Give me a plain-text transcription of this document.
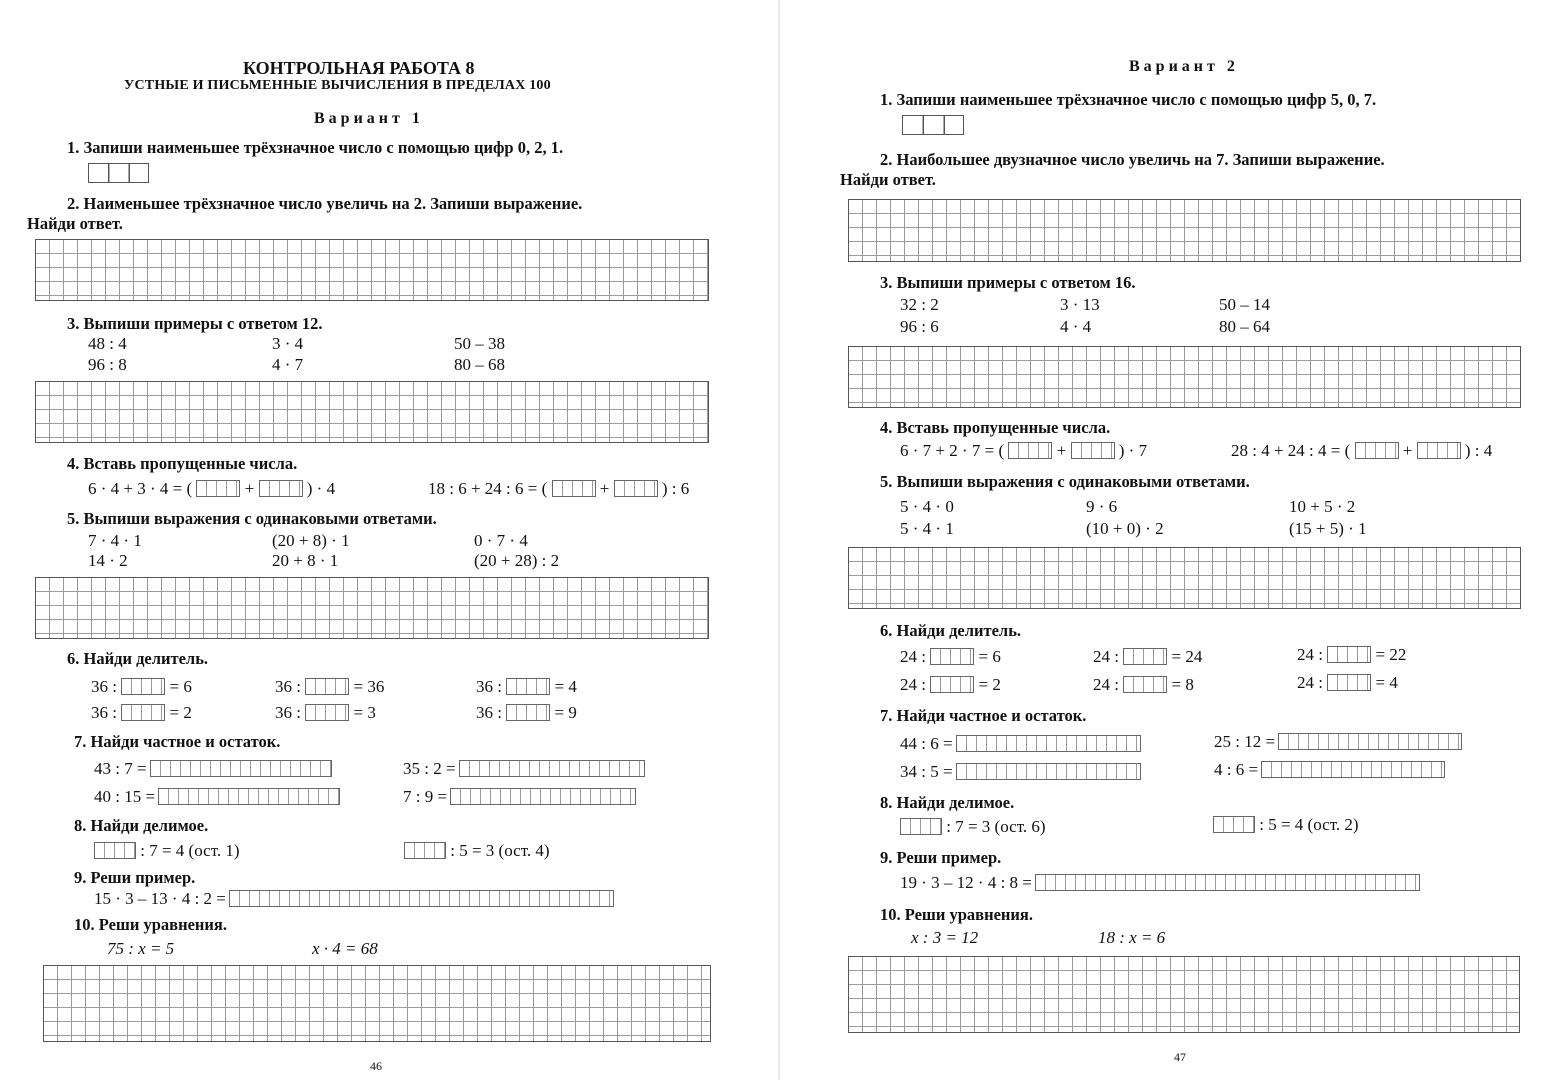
КОНТРОЛЬНАЯ РАБОТА 8
УСТНЫЕ И ПИСЬМЕННЫЕ ВЫЧИСЛЕНИЯ В ПРЕДЕЛАХ 100
Вариант 1
1. Запиши наименьшее трёхзначное число с помощью цифр 0, 2, 1.
2. Наименьшее трёхзначное число увеличь на 2. Запиши выражение.
Найди ответ.
3. Выпиши примеры с ответом 12.
48 : 4	3 · 4	50 – 38
96 : 8	4 · 7	80 – 68
4. Вставь пропущенные числа.
6 · 4 + 3 · 4 = (	+	) · 4	18 : 6 + 24 : 6 = (	+	) : 6
5. Выпиши выражения с одинаковыми ответами.
7 · 4 · 1	(20 + 8) · 1	0 · 7 · 4
14 · 2	20 + 8 · 1	(20 + 28) : 2
6. Найди делитель.
36 :	= 6	36 :	= 36	36 :	= 4
36 :	= 2	36 :	= 3	36 :	= 9
7. Найди частное и остаток.
43 : 7 =	35 : 2 =
40 : 15 =	7 : 9 =
8. Найди делимое.
: 7 = 4 (ост. 1)	: 5 = 3 (ост. 4)
9. Реши пример.
15 · 3 – 13 · 4 : 2 =
10. Реши уравнения.
75 : x = 5	x · 4 = 68
46
Вариант 2
1. Запиши наименьшее трёхзначное число с помощью цифр 5, 0, 7.
2. Наибольшее двузначное число увеличь на 7. Запиши выражение.
Найди ответ.
3. Выпиши примеры с ответом 16.
32 : 2	3 · 13	50 – 14
96 : 6	4 · 4	80 – 64
4. Вставь пропущенные числа.
6 · 7 + 2 · 7 = (	+	) · 7	28 : 4 + 24 : 4 = (	+	) : 4
5. Выпиши выражения с одинаковыми ответами.
5 · 4 · 0	9 · 6	10 + 5 · 2
5 · 4 · 1	(10 + 0) · 2	(15 + 5) · 1
6. Найди делитель.
24 :	= 6	24 :	= 24	24 :	= 22
24 :	= 2	24 :	= 8	24 :	= 4
7. Найди частное и остаток.
44 : 6 =	25 : 12 =
34 : 5 =	4 : 6 =
8. Найди делимое.
: 7 = 3 (ост. 6)	: 5 = 4 (ост. 2)
9. Реши пример.
19 · 3 – 12 · 4 : 8 =
10. Реши уравнения.
x : 3 = 12	18 : x = 6
47
